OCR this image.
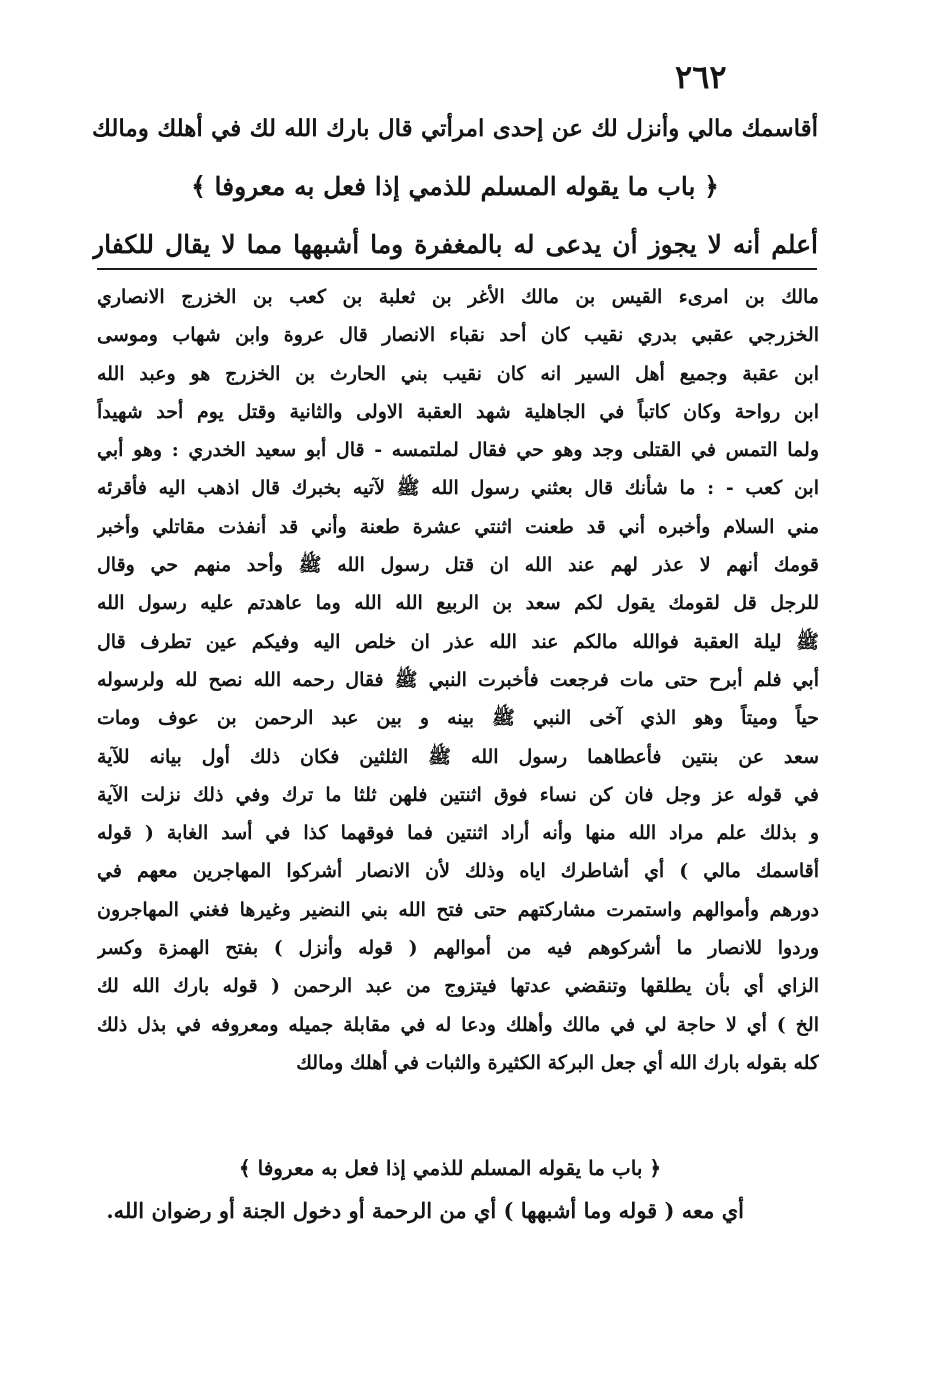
٢٦٢
أقاسمك مالي وأنزل لك عن إحدى امرأتي قال بارك الله لك في أهلك ومالك
﴿ باب ما يقوله المسلم للذمي إذا فعل به معروفا ﴾
أعلم أنه لا يجوز أن يدعى له بالمغفرة وما أشبهها مما لا يقال للكفار
مالك بن امرىء القيس بن مالك الأغر بن ثعلبة بن كعب بن الخزرج الانصاري
الخزرجي عقبي بدري نقيب كان أحد نقباء الانصار قال عروة وابن شهاب وموسى
ابن عقبة وجميع أهل السير انه كان نقيب بني الحارث بن الخزرج هو وعبد الله
ابن رواحة وكان كاتباً في الجاهلية شهد العقبة الاولى والثانية وقتل يوم أحد شهيداً
ولما التمس في القتلى وجد وهو حي فقال لملتمسه - قال أبو سعيد الخدري : وهو أبي
ابن كعب - : ما شأنك قال بعثني رسول الله ﷺ لآتيه بخبرك قال اذهب اليه فأقرئه
مني السلام وأخبره أني قد طعنت اثنتي عشرة طعنة وأني قد أنفذت مقاتلي وأخبر
قومك أنهم لا عذر لهم عند الله ان قتل رسول الله ﷺ وأحد منهم حي وقال
للرجل قل لقومك يقول لكم سعد بن الربيع الله الله وما عاهدتم عليه رسول الله
ﷺ ليلة العقبة فوالله مالكم عند الله عذر ان خلص اليه وفيكم عين تطرف قال
أبي فلم أبرح حتى مات فرجعت فأخبرت النبي ﷺ فقال رحمه الله نصح لله ولرسوله
حياً وميتاً وهو الذي آخى النبي ﷺ بينه و بين عبد الرحمن بن عوف ومات
سعد عن بنتين فأعطاهما رسول الله ﷺ الثلثين فكان ذلك أول بيانه للآية
في قوله عز وجل فان كن نساء فوق اثنتين فلهن ثلثا ما ترك وفي ذلك نزلت الآية
و بذلك علم مراد الله منها وأنه أراد اثنتين فما فوقهما كذا في أسد الغابة ( قوله
أقاسمك مالي ) أي أشاطرك اياه وذلك لأن الانصار أشركوا المهاجرين معهم في
دورهم وأموالهم واستمرت مشاركتهم حتى فتح الله بني النضير وغيرها فغني المهاجرون
وردوا للانصار ما أشركوهم فيه من أموالهم ( قوله وأنزل ) بفتح الهمزة وكسر
الزاي أي بأن يطلقها وتنقضي عدتها فيتزوج من عبد الرحمن ( قوله بارك الله لك
الخ ) أي لا حاجة لي في مالك وأهلك ودعا له في مقابلة جميله ومعروفه في بذل ذلك
كله بقوله بارك الله أي جعل البركة الكثيرة والثبات في أهلك ومالك
﴿ باب ما يقوله المسلم للذمي إذا فعل به معروفا ﴾
أي معه ( قوله وما أشبهها ) أي من الرحمة أو دخول الجنة أو رضوان الله.
